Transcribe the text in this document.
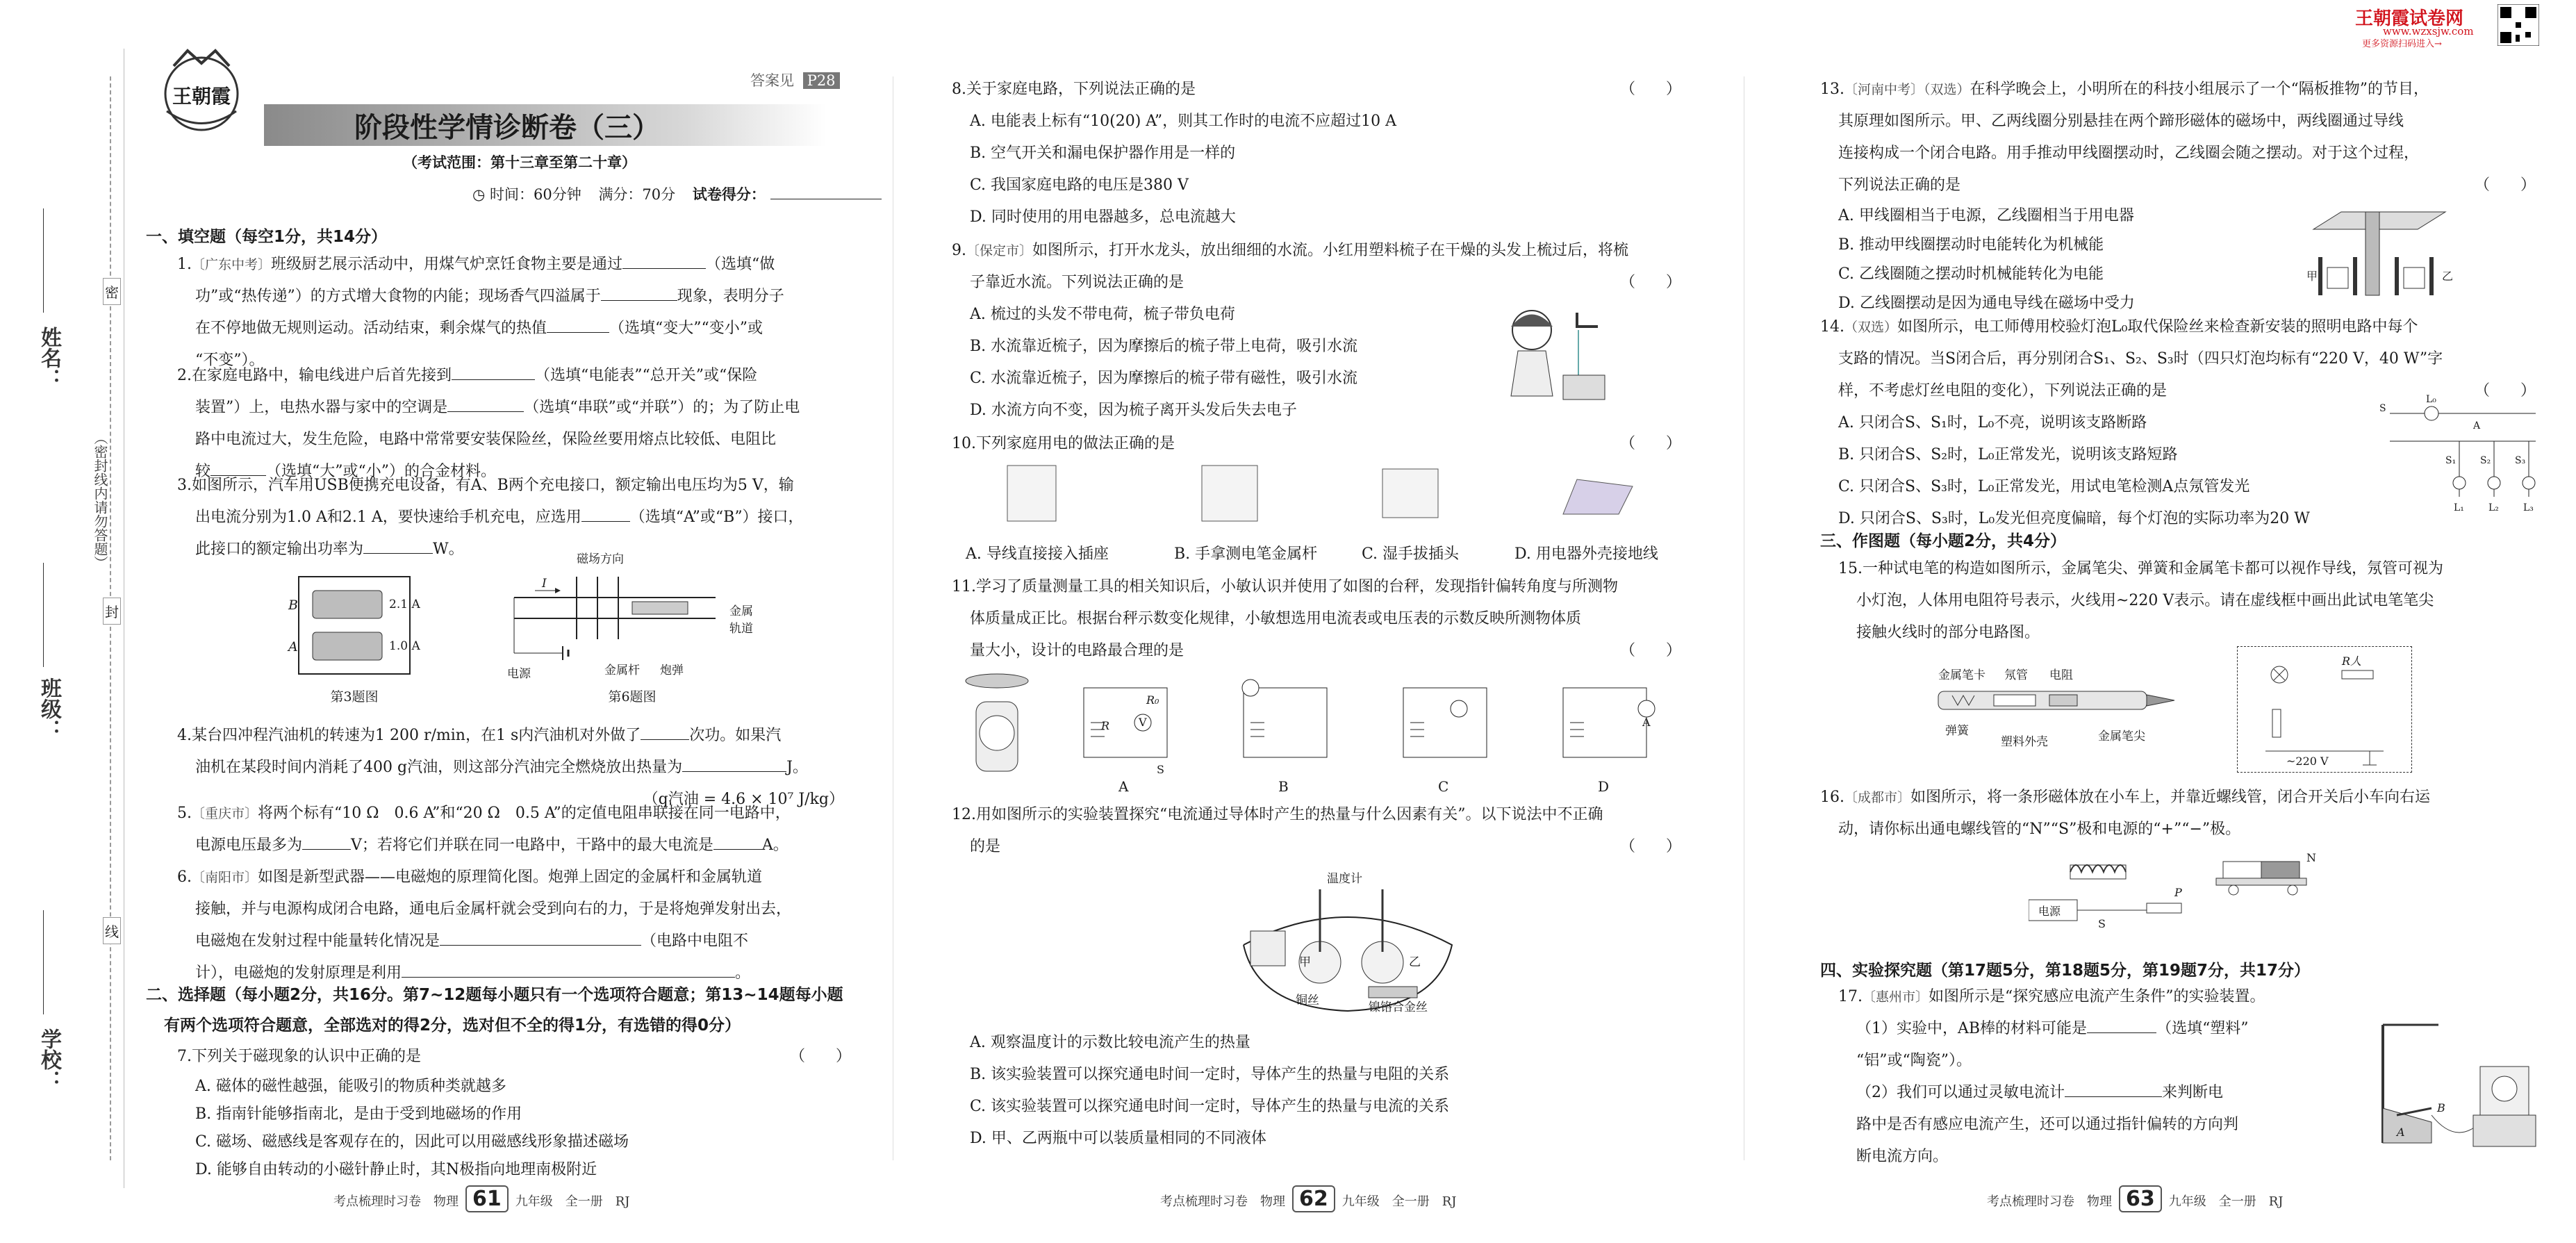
姓名：
班级：
学校：
（密封线内请勿答题）
密
封
线
王朝霞
答案见 P28
阶段性学情诊断卷（三）
（考试范围：第十三章至第二十章）
◷ 时间：60分钟 满分：70分 试卷得分：
一、填空题（每空1分，共14分）
1.〔广东中考〕班级厨艺展示活动中，用煤气炉烹饪食物主要是通过	（选填“做
功”或“热传递”）的方式增大食物的内能；现场香气四溢属于	现象，表明分子
在不停地做无规则运动。活动结束，剩余煤气的热值	（选填“变大”“变小”或
“不变”）。
2.在家庭电路中，输电线进户后首先接到	（选填“电能表”“总开关”或“保险
装置”）上，电热水器与家中的空调是	（选填“串联”或“并联”）的；为了防止电
路中电流过大，发生危险，电路中常常要安装保险丝，保险丝要用熔点比较低、电阻比
较	（选填“大”或“小”）的合金材料。
3.如图所示，汽车用USB便携充电设备，有A、B两个充电接口，额定输出电压均为5 V，输
出电流分别为1.0 A和2.1 A，要快速给手机充电，应选用	（选填“A”或“B”）接口，
此接口的额定输出功率为	W。
B
A
2.1 A
1.0 A
第3题图
磁场方向
I
金属
轨道
金属杆 炮弹
电源
第6题图
4.某台四冲程汽油机的转速为1 200 r/min，在1 s内汽油机对外做了	次功。如果汽
油机在某段时间内消耗了400 g汽油，则这部分汽油完全燃烧放出热量为	J。
（q汽油 = 4.6 × 10⁷ J/kg）
5.〔重庆市〕将两个标有“10 Ω　0.6 A”和“20 Ω　0.5 A”的定值电阻串联接在同一电路中，
电源电压最多为	V；若将它们并联在同一电路中，干路中的最大电流是	A。
6.〔南阳市〕如图是新型武器——电磁炮的原理简化图。炮弹上固定的金属杆和金属轨道
接触，并与电源构成闭合电路，通电后金属杆就会受到向右的力，于是将炮弹发射出去，
电磁炮在发射过程中能量转化情况是	（电路中电阻不
计），电磁炮的发射原理是利用	。
二、选择题（每小题2分，共16分。第7~12题每小题只有一个选项符合题意；第13~14题每小题
有两个选项符合题意，全部选对的得2分，选对但不全的得1分，有选错的得0分）
7.下列关于磁现象的认识中正确的是	（　　）
A. 磁体的磁性越强，能吸引的物质种类就越多
B. 指南针能够指南北，是由于受到地磁场的作用
C. 磁场、磁感线是客观存在的，因此可以用磁感线形象描述磁场
D. 能够自由转动的小磁针静止时，其N极指向地理南极附近
考点梳理时习卷　物理 61 九年级　全一册　RJ
8.关于家庭电路，下列说法正确的是	（　　）
A. 电能表上标有“10(20) A”，则其工作时的电流不应超过10 A
B. 空气开关和漏电保护器作用是一样的
C. 我国家庭电路的电压是380 V
D. 同时使用的用电器越多，总电流越大
9.〔保定市〕如图所示，打开水龙头，放出细细的水流。小红用塑料梳子在干燥的头发上梳过后，将梳
子靠近水流。下列说法正确的是	（　　）
A. 梳过的头发不带电荷，梳子带负电荷
B. 水流靠近梳子，因为摩擦后的梳子带上电荷，吸引水流
C. 水流靠近梳子，因为摩擦后的梳子带有磁性，吸引水流
D. 水流方向不变，因为梳子离开头发后失去电子
10.下列家庭用电的做法正确的是	（　　）
A. 导线直接接入插座	B. 手拿测电笔金属杆	C. 湿手拔插头	D. 用电器外壳接地线
11.学习了质量测量工具的相关知识后，小敏认识并使用了如图的台秤，发现指针偏转角度与所测物
体质量成正比。根据台秤示数变化规律，小敏想选用电流表或电压表的示数反映所测物体质
量大小，设计的电路最合理的是	（　　）
R₀
R	V
S
A
A	B	C	D
12.用如图所示的实验装置探究“电流通过导体时产生的热量与什么因素有关”。以下说法中不正确
的是	（　　）
温度计
甲	乙
铜丝	镍铬合金丝
A. 观察温度计的示数比较电流产生的热量
B. 该实验装置可以探究通电时间一定时，导体产生的热量与电阻的关系
C. 该实验装置可以探究通电时间一定时，导体产生的热量与电流的关系
D. 甲、乙两瓶中可以装质量相同的不同液体
考点梳理时习卷　物理 62 九年级　全一册　RJ
王朝霞试卷网
www.wzxsjw.com
更多资源扫码进入→
13.〔河南中考〕（双选）在科学晚会上，小明所在的科技小组展示了一个“隔板推物”的节目，
其原理如图所示。甲、乙两线圈分别悬挂在两个蹄形磁体的磁场中，两线圈通过导线
连接构成一个闭合电路。用手推动甲线圈摆动时，乙线圈会随之摆动。对于这个过程，
下列说法正确的是	（　　）
A. 甲线圈相当于电源，乙线圈相当于用电器
B. 推动甲线圈摆动时电能转化为机械能
C. 乙线圈随之摆动时机械能转化为电能
D. 乙线圈摆动是因为通电导线在磁场中受力
甲	乙
14.（双选）如图所示，电工师傅用校验灯泡L₀取代保险丝来检查新安装的照明电路中每个
支路的情况。当S闭合后，再分别闭合S₁、S₂、S₃时（四只灯泡均标有“220 V，40 W”字
样，不考虑灯丝电阻的变化），下列说法正确的是	（　　）
A. 只闭合S、S₁时，L₀不亮，说明该支路断路
B. 只闭合S、S₂时，L₀正常发光，说明该支路短路
C. 只闭合S、S₃时，L₀正常发光，用试电笔检测A点氖管发光
D. 只闭合S、S₃时，L₀发光但亮度偏暗，每个灯泡的实际功率为20 W
S
L₀
A
S₁ S₂ S₃
L₁	L₂	L₃
三、作图题（每小题2分，共4分）
15.一种试电笔的构造如图所示，金属笔尖、弹簧和金属笔卡都可以视作导线，氖管可视为
小灯泡，人体用电阻符号表示，火线用~220 V表示。请在虚线框中画出此试电笔笔尖
接触火线时的部分电路图。
金属笔卡 氖管 电阻
弹簧
塑料外壳	金属笔尖
R人
~220 V
16.〔成都市〕如图所示，将一条形磁体放在小车上，并靠近螺线管，闭合开关后小车向右运
动，请你标出通电螺线管的“N”“S”极和电源的“+”“−”极。
电源
S
P
N
四、实验探究题（第17题5分，第18题5分，第19题7分，共17分）
17.〔惠州市〕如图所示是“探究感应电流产生条件”的实验装置。
（1）实验中，AB棒的材料可能是	（选填“塑料”
“铝”或“陶瓷”）。
（2）我们可以通过灵敏电流计	来判断电
路中是否有感应电流产生，还可以通过指针偏转的方向判
断电流方向。
A
B
考点梳理时习卷　物理 63 九年级　全一册　RJ
